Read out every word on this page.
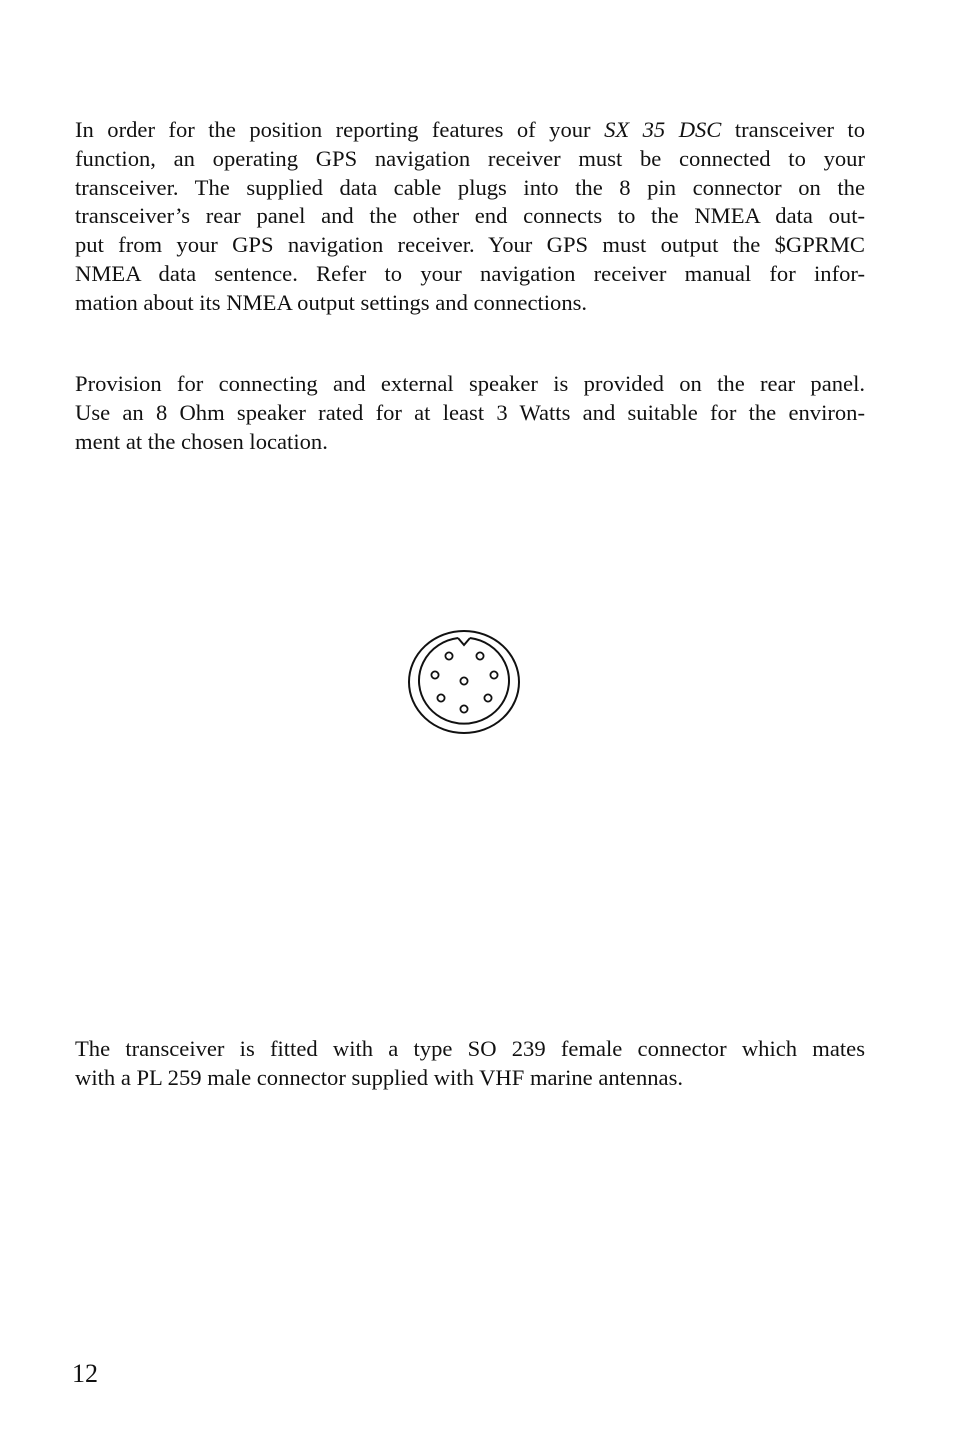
In order for the position reporting features of your SX 35 DSC transceiver to
function, an operating GPS navigation receiver must be connected to your
transceiver. The supplied data cable plugs into the 8 pin connector on the
transceiver’s rear panel and the other end connects to the NMEA data out-
put from your GPS navigation receiver. Your GPS must output the $GPRMC
NMEA data sentence. Refer to your navigation receiver manual for infor-
mation about its NMEA output settings and connections.
Provision for connecting and external speaker is provided on the rear panel.
Use an 8 Ohm speaker rated for at least 3 Watts and suitable for the environ-
ment at the chosen location.
The transceiver is fitted with a type SO 239 female connector which mates
with a PL 259 male connector supplied with VHF marine antennas.
12
